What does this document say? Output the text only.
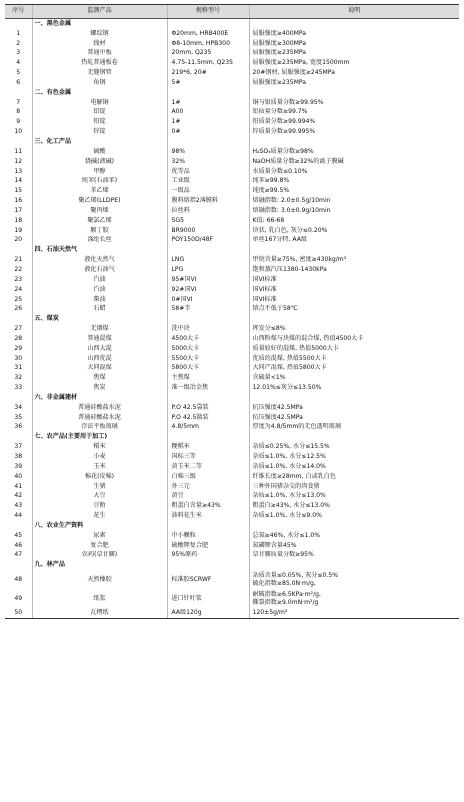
序号	监测产品	规格型号	说明
	一、黑色金属		
1	螺纹钢	Φ20mm, HRB400E	屈服强度≥400MPa
2	线材	Φ8-10mm, HPB300	屈服强度≥300MPa
3	普通中板	20mm, Q235	屈服强度≥235MPa
4	热轧普通板卷	4.75-11.5mm, Q235	屈服强度≥235MPa, 宽度1500mm
5	无缝钢管	219*6, 20#	20#钢材, 屈服强度≥245MPa
6	角钢	5#	屈服强度≥235MPa
	二、有色金属		
7	电解铜	1#	铜与银质量分数≥99.95%
8	铝锭	A00	铝质量分数≥99.7%
9	铅锭	1#	铅质量分数≥99.994%
10	锌锭	0#	锌质量分数≥99.995%
	三、化工产品		
11	硫酸	98%	H₂SO₄质量分数≥98%
12	烧碱(液碱)	32%	NaOH质量分数≥32%的离子膜碱
13	甲醇	优等品	水质量分数≤0.10%
14	纯苯(石油苯)	工业级	纯苯≥99.8%
15	苯乙烯	一级品	纯度≥99.5%
16	聚乙烯(LLDPE)	膜料熔指2薄膜料	熔融指数: 2.0±0.5g/10min
17	聚丙烯	拉丝料	熔融指数: 3.0±0.9g/10min
18	聚氯乙烯	SG5	K值: 66-68
19	顺丁胶	BR9000	块状, 乳白色, 灰分≤0.20%
20	涤纶长丝	POY150D/48F	单丝167分特, AA级
	四、石油天然气		
21	液化天然气	LNG	甲烷含量≥75%, 密度≥430kg/m³
22	液化石油气	LPG	饱和蒸汽压1380-1430kPa
23	汽油	95#国VI	国VI标准
24	汽油	92#国VI	国VI标准
25	柴油	0#国VI	国VI标准
26	石蜡	58#半	熔点不低于58℃
	五、煤炭		
27	无烟煤	洗中块	挥发分≤8%
28	普通混煤	4500大卡	山西粉煤与块煤的混合煤, 热值4500大卡
29	山西大混	5000大卡	质量较好的混煤, 热值5000大卡
30	山西优混	5500大卡	优质的混煤, 热值5500大卡
31	大同混煤	5800大卡	大同产混煤, 热值5800大卡
32	焦煤	主焦煤	含硫量<1%
33	焦炭	准一级冶金焦	12.01%≤灰分≤13.50%
	六、非金属建材		
34	普通硅酸盐水泥	P.O 42.5袋装	抗压强度42.5MPa
35	普通硅酸盐水泥	P.O 42.5散装	抗压强度42.5MPa
36	浮法平板玻璃	4.8/5mm	厚度为4.8/5mm的无色透明玻璃
	七、农产品(主要用于加工)		
37	稻米	粳稻米	杂质≤0.25%, 水分≤15.5%
38	小麦	国标三等	杂质≤1.0%, 水分≤12.5%
39	玉米	黄玉米二等	杂质≤1.0%, 水分≤14.0%
40	棉花(皮棉)	白棉三级	纤维长度≥28mm, 白或乳白色
41	生猪	外三元	三种外国猪杂交的肉食猪
42	大豆	黄豆	杂质≤1.0%, 水分≤13.0%
43	豆粕	粗蛋白含量≥43%	粗蛋白≥43%, 水分≤13.0%
44	花生	油料花生米	杂质≤1.0%, 水分≤9.0%
	八、农业生产资料		
45	尿素	中小颗粒	总氮≥46%, 水分≤1.0%
46	复合肥	硫酸钾复合肥	氮磷钾含量45%
47	农药(草甘膦)	95%原药	草甘膦质量分数≥95%
	九、林产品		
48	天然橡胶	标准胶SCRWF	杂质含量≤0.05%, 灰分≤0.5%
硫化指数≥85.0N·m/g,

49	纸浆	进口针叶浆	耐破指数≥6.5KPa·m²/g,
撕裂指数≥9.0mN·m²/g

50	瓦楞纸	AA级120g	120±5g/m²
